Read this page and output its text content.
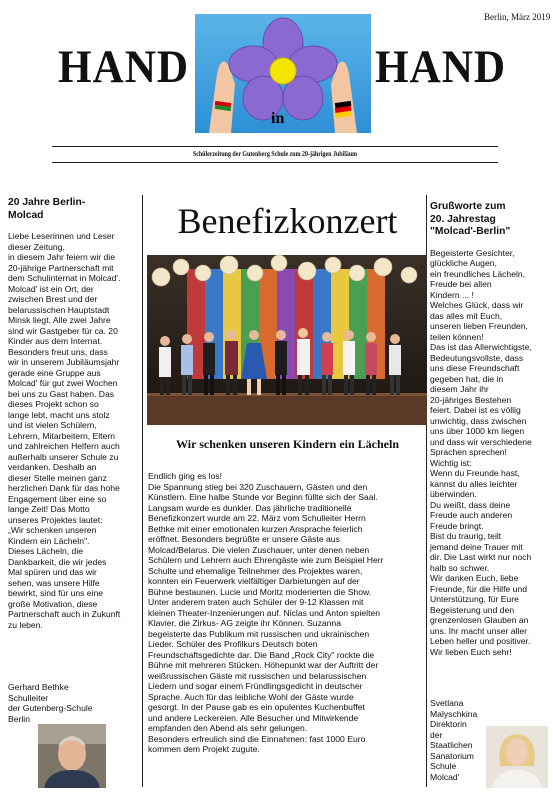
Berlin, März 2019
HAND
in
HAND
Schülerzeitung der Gutenberg Schule zum 20-jährigen Jubiläum
20 Jahre Berlin-
Molcad
Liebe Leserinnen und Leser
dieser Zeitung,
in diesem Jahr feiern wir die
20-jährige Partnerschaft mit
dem Schulinternat in Molcad'.
Molcad' ist ein Ort, der
zwischen Brest und der
belarussischen Hauptstadt
Minsk liegt. Alle zwei Jahre
sind wir Gastgeber für ca. 20
Kinder aus dem Internat.
Besonders freut uns, dass
wir in unserem Jubiläumsjahr
gerade eine Gruppe aus
Molcad' für gut zwei Wochen
bei uns zu Gast haben. Das
dieses Projekt schon so
lange lebt, macht uns stolz
und ist vielen Schülern,
Lehrern, Mitarbeitern, Eltern
und zahlreichen Helfern auch
außerhalb unserer Schule zu
verdanken. Deshalb an
dieser Stelle meinen ganz
herzlichen Dank für das hohe
Engagement über eine so
lange Zeit! Das Motto
unseres Projektes lautet:
„Wir schenken unseren
Kindern ein Lächeln".
Dieses Lächeln, die
Dankbarkeit, die wir jedes
Mal spüren und das wir
sehen, was unsere Hilfe
bewirkt, sind für uns eine
große Motivation, diese
Partnerschaft auch in Zukunft
zu leben.
Gerhard Bethke
Schulleiter
der Gutenberg-Schule
Berlin
Benefizkonzert
Wir schenken unseren Kindern ein Lächeln
Endlich ging es los!
Die Spannung stieg bei 320 Zuschauern, Gästen und den
Künstlern. Eine halbe Stunde vor Beginn füllte sich der Saal.
Langsam wurde es dunkler. Das jährliche traditionelle
Benefizkonzert wurde am 22. März vom Schulleiter Herrn
Bethke mit einer emotionalen kurzen Ansprache feierlich
eröffnet. Besonders begrüßte er unsere Gäste aus
Molcad/Belarus. Die vielen Zuschauer, unter denen neben
Schülern und Lehrern auch Ehrengäste wie zum Beispiel Herr
Schulte und ehemalige Teilnehmer des Projektes waren,
konnten ein Feuerwerk vielfältiger Darbietungen auf der
Bühne bestaunen. Lucie und Moritz moderierten die Show.
Unter anderem traten auch Schüler der 9-12 Klassen mit
kleinen Theater-Inzenierungen auf. Niclas und Anton spielten
Klavier, die Zirkus- AG zeigte ihr Können. Suzanna
begeisterte das Publikum mit russischen und ukrainischen
Lieder. Schüler des Profilkurs Deutsch boten
Freundschaftsgedichte dar. Die Band „Rock City" rockte die
Bühne mit mehreren Stücken. Höhepunkt war der Auftritt der
weißrussischen Gäste mit russischen und belarussischen
Liedern und sogar einem Fründlingsgedicht in deutscher
Sprache. Auch für das leibliche Wohl der Gäste wurde
gesorgt. In der Pause gab es ein opulentes Kuchenbuffet
und andere Leckereien. Alle Besucher und Mitwirkende
empfanden den Abend als sehr gelungen.
Besonders erfreulich sind die Einnahmen: fast 1000 Euro
kommen dem Projekt zugute.
Grußworte zum
20. Jahrestag
"Molcad'-Berlin"
Begeisterte Gesichter,
glückliche Augen,
ein freundliches Lächeln,
Freude bei allen
Kindern ... !
Welches Glück, dass wir
das alles mit Euch,
unseren lieben Freunden,
teilen können!
Das ist das Allerwichtigste,
Bedeutungsvollste, dass
uns diese Freundschaft
gegeben hat, die in
diesem Jahr ihr
20-jähriges Bestehen
feiert. Dabei ist es völlig
unwichtig, dass zwischen
uns über 1000 km liegen
und dass wir verschiedene
Sprachen sprechen!
Wichtig ist:
Wenn du Freunde hast,
kannst du alles leichter
überwinden.
Du weißt, dass deine
Freude auch anderen
Freude bringt.
Bist du traurig, teilt
jemand deine Trauer mit
dir. Die Last wirkt nur noch
halb so schwer.
Wir danken Euch, liebe
Freunde, für die Hilfe und
Unterstützung, für Eure
Begeisterung und den
grenzenlosen Glauben an
uns. Ihr macht unser aller
Leben heller und positiver.
Wir lieben Euch sehr!
Svetlana Malyschkina
Direktorin
der
Staatlichen
Sanatorium
Schule
Molcad'
